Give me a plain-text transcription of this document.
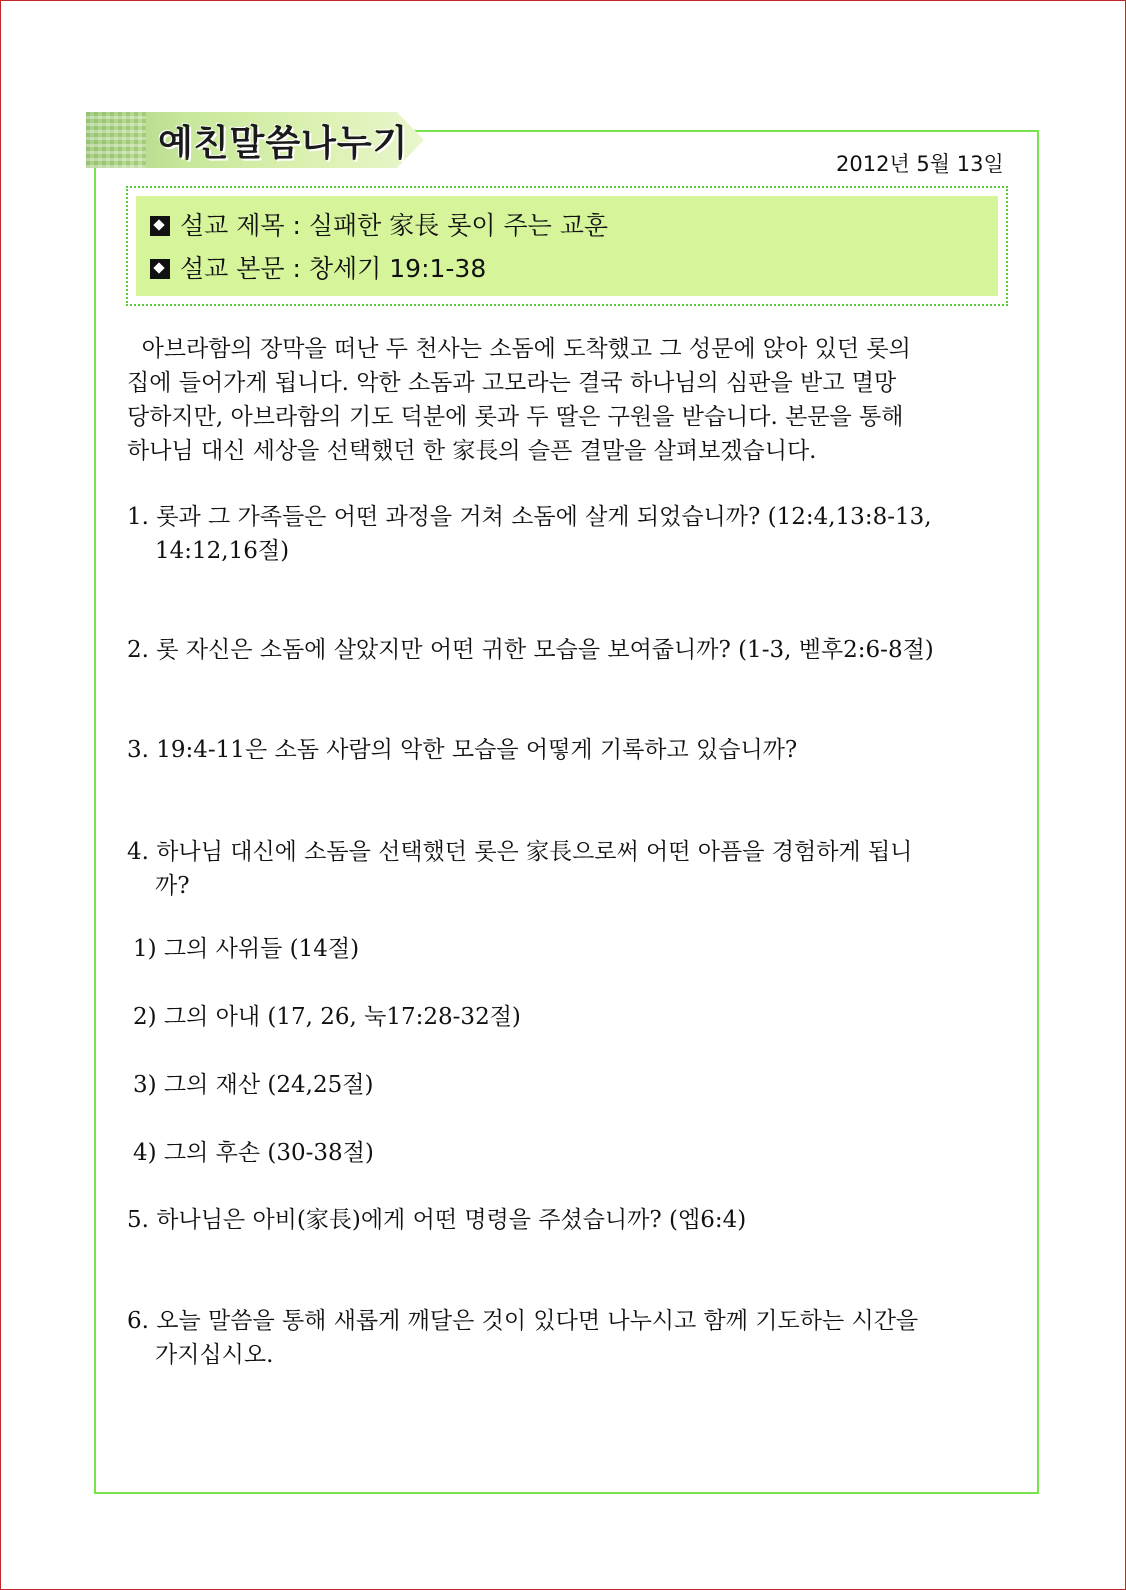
예친말씀나누기	2012년 5월 13일
설교 제목 : 실패한 家長 롯이 주는 교훈
설교 본문 : 창세기 19:1-38
아브라함의 장막을 떠난 두 천사는 소돔에 도착했고 그 성문에 앉아 있던 롯의
집에 들어가게 됩니다. 악한 소돔과 고모라는 결국 하나님의 심판을 받고 멸망
당하지만, 아브라함의 기도 덕분에 롯과 두 딸은 구원을 받습니다. 본문을 통해
하나님 대신 세상을 선택했던 한 家長의 슬픈 결말을 살펴보겠습니다.
1. 롯과 그 가족들은 어떤 과정을 거쳐 소돔에 살게 되었습니까? (12:4,13:8-13,
14:12,16절)
2. 롯 자신은 소돔에 살았지만 어떤 귀한 모습을 보여줍니까? (1-3, 벧후2:6-8절)
3. 19:4-11은 소돔 사람의 악한 모습을 어떻게 기록하고 있습니까?
4. 하나님 대신에 소돔을 선택했던 롯은 家長으로써 어떤 아픔을 경험하게 됩니
까?
1) 그의 사위들 (14절)
2) 그의 아내 (17, 26, 눅17:28-32절)
3) 그의 재산 (24,25절)
4) 그의 후손 (30-38절)
5. 하나님은 아비(家長)에게 어떤 명령을 주셨습니까? (엡6:4)
6. 오늘 말씀을 통해 새롭게 깨달은 것이 있다면 나누시고 함께 기도하는 시간을
가지십시오.
